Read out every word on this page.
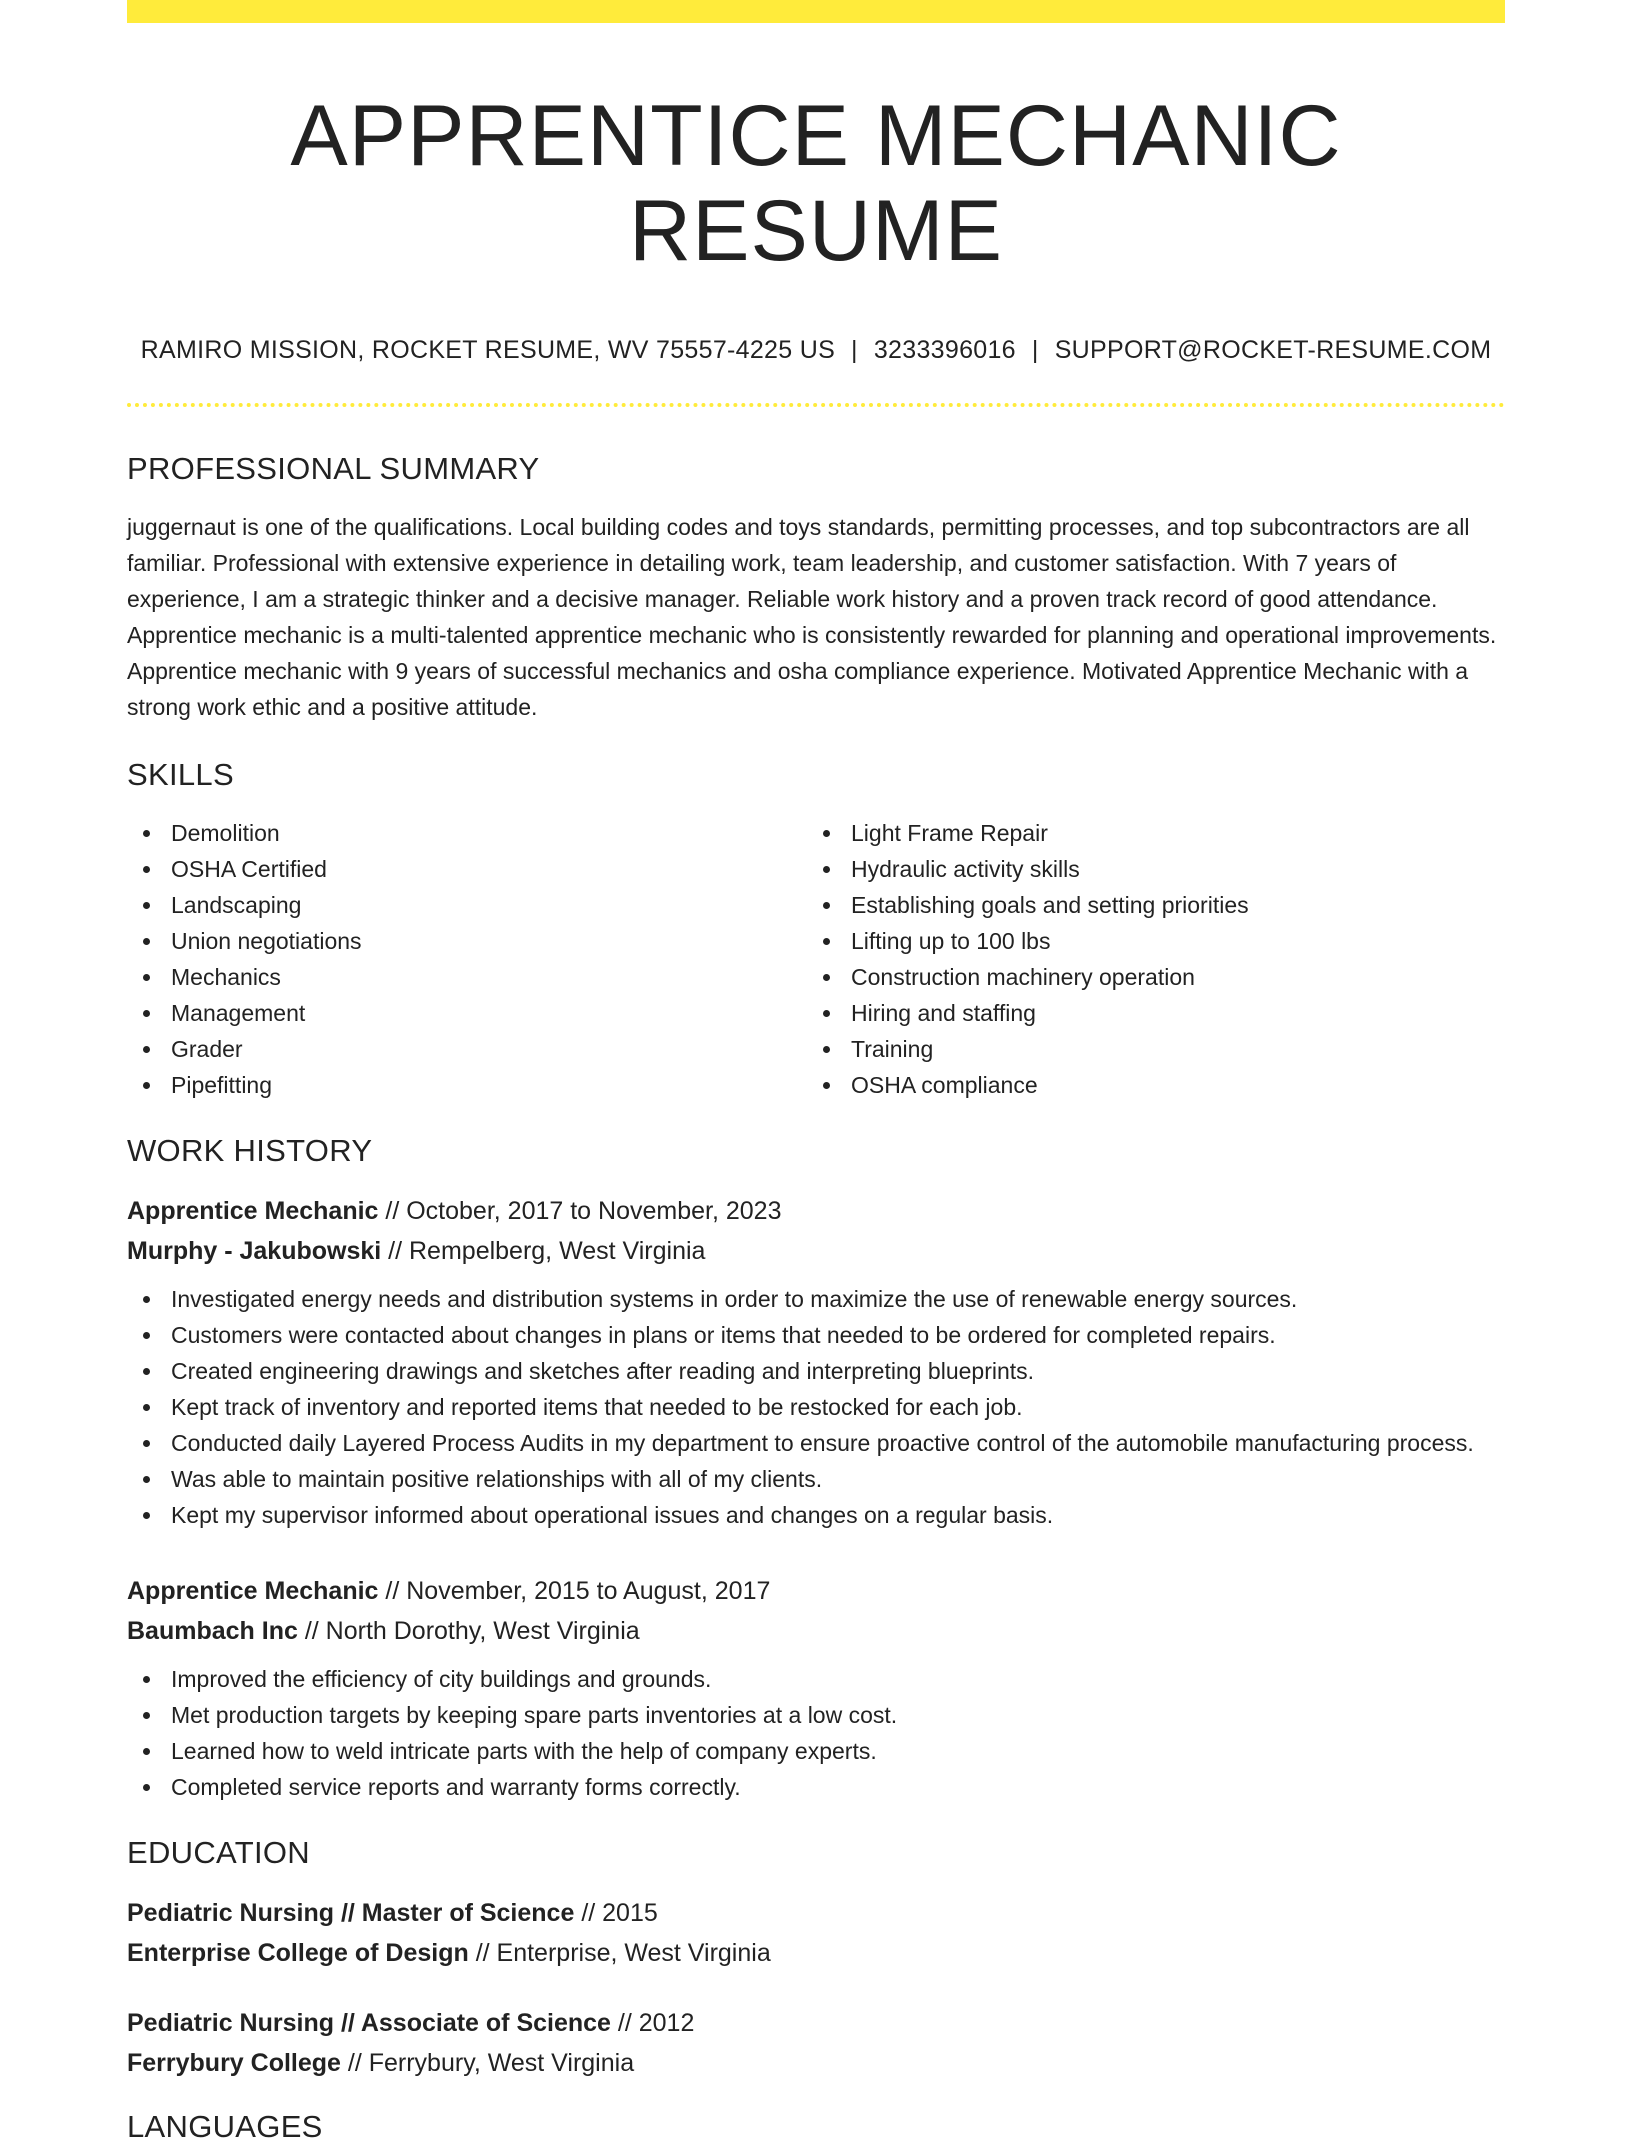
APPRENTICE MECHANIC RESUME
RAMIRO MISSION, ROCKET RESUME, WV 75557-4225 US | 3233396016 | SUPPORT@ROCKET-RESUME.COM
PROFESSIONAL SUMMARY

juggernaut is one of the qualifications. Local building codes and toys standards, permitting processes, and top subcontractors are all familiar. Professional with extensive experience in detailing work, team leadership, and customer satisfaction. With 7 years of experience, I am a strategic thinker and a decisive manager. Reliable work history and a proven track record of good attendance. Apprentice mechanic is a multi-talented apprentice mechanic who is consistently rewarded for planning and operational improvements. Apprentice mechanic with 9 years of successful mechanics and osha compliance experience. Motivated Apprentice Mechanic with a strong work ethic and a positive attitude.

SKILLS
Demolition
OSHA Certified
Landscaping
Union negotiations
Mechanics
Management
Grader
Pipefitting
Light Frame Repair
Hydraulic activity skills
Establishing goals and setting priorities
Lifting up to 100 lbs
Construction machinery operation
Hiring and staffing
Training
OSHA compliance
WORK HISTORY
Apprentice Mechanic // October, 2017 to November, 2023
Murphy - Jakubowski // Rempelberg, West Virginia
Investigated energy needs and distribution systems in order to maximize the use of renewable energy sources.
Customers were contacted about changes in plans or items that needed to be ordered for completed repairs.
Created engineering drawings and sketches after reading and interpreting blueprints.
Kept track of inventory and reported items that needed to be restocked for each job.
Conducted daily Layered Process Audits in my department to ensure proactive control of the automobile manufacturing process.
Was able to maintain positive relationships with all of my clients.
Kept my supervisor informed about operational issues and changes on a regular basis.
Apprentice Mechanic // November, 2015 to August, 2017
Baumbach Inc // North Dorothy, West Virginia
Improved the efficiency of city buildings and grounds.
Met production targets by keeping spare parts inventories at a low cost.
Learned how to weld intricate parts with the help of company experts.
Completed service reports and warranty forms correctly.
EDUCATION
Pediatric Nursing // Master of Science // 2015
Enterprise College of Design // Enterprise, West Virginia
Pediatric Nursing // Associate of Science // 2012
Ferrybury College // Ferrybury, West Virginia
LANGUAGES
